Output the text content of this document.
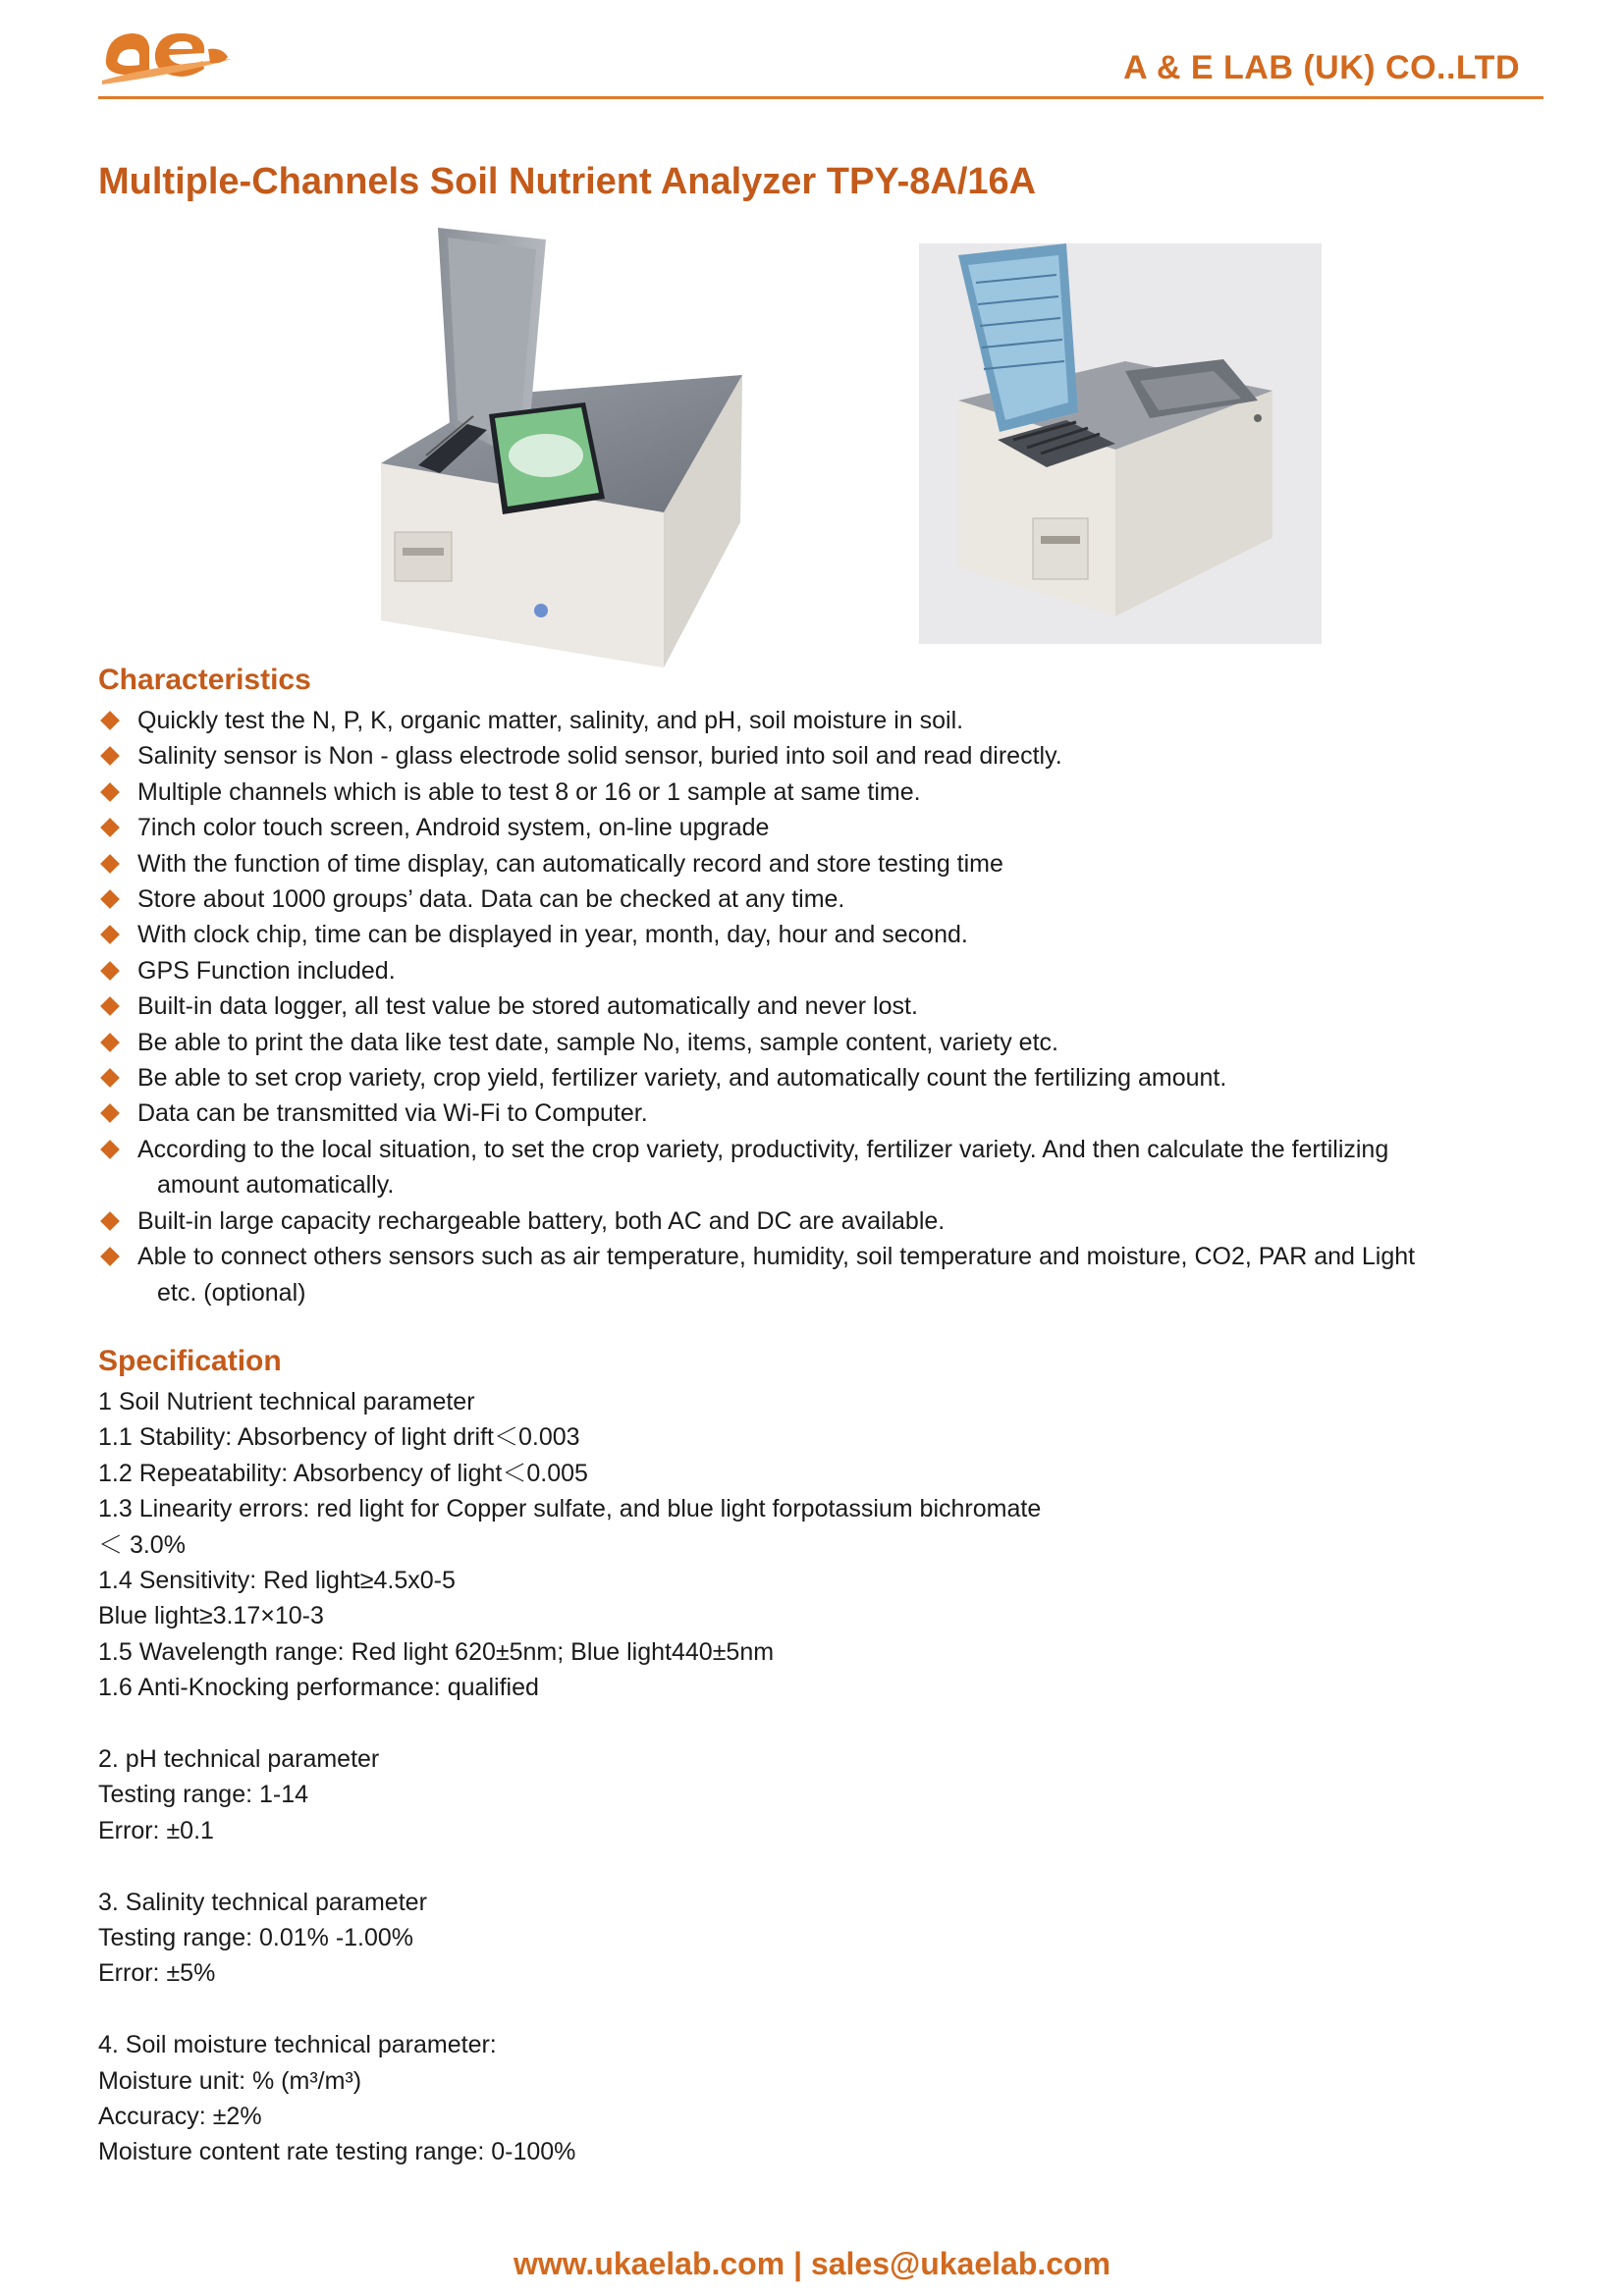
A & E LAB (UK) CO..LTD
Multiple-Channels Soil Nutrient Analyzer TPY-8A/16A
Characteristics
Quickly test the N, P, K, organic matter, salinity, and pH, soil moisture in soil.
Salinity sensor is Non - glass electrode solid sensor, buried into soil and read directly.
Multiple channels which is able to test 8 or 16 or 1 sample at same time.
7inch color touch screen, Android system, on-line upgrade
With the function of time display, can automatically record and store testing time
Store about 1000 groups’ data. Data can be checked at any time.
With clock chip, time can be displayed in year, month, day, hour and second.
GPS Function included.
Built-in data logger, all test value be stored automatically and never lost.
Be able to print the data like test date, sample No, items, sample content, variety etc.
Be able to set crop variety, crop yield, fertilizer variety, and automatically count the fertilizing amount.
Data can be transmitted via Wi-Fi to Computer.
According to the local situation, to set the crop variety, productivity, fertilizer variety. And then calculate the fertilizing
amount automatically.
Built-in large capacity rechargeable battery, both AC and DC are available.
Able to connect others sensors such as air temperature, humidity, soil temperature and moisture, CO2, PAR and Light
etc. (optional)
Specification
1 Soil Nutrient technical parameter
1.1 Stability: Absorbency of light drift＜0.003
1.2 Repeatability: Absorbency of light＜0.005
1.3 Linearity errors: red light for Copper sulfate, and blue light forpotassium bichromate
＜ 3.0%
1.4 Sensitivity: Red light≥4.5x0-5
Blue light≥3.17×10-3
1.5 Wavelength range: Red light 620±5nm; Blue light440±5nm
1.6 Anti-Knocking performance: qualified
2. pH technical parameter
Testing range: 1-14
Error: ±0.1
3. Salinity technical parameter
Testing range: 0.01% -1.00%
Error: ±5%
4. Soil moisture technical parameter:
Moisture unit: % (m³/m³)
Accuracy: ±2%
Moisture content rate testing range: 0-100%
www.ukaelab.com | sales@ukaelab.com
